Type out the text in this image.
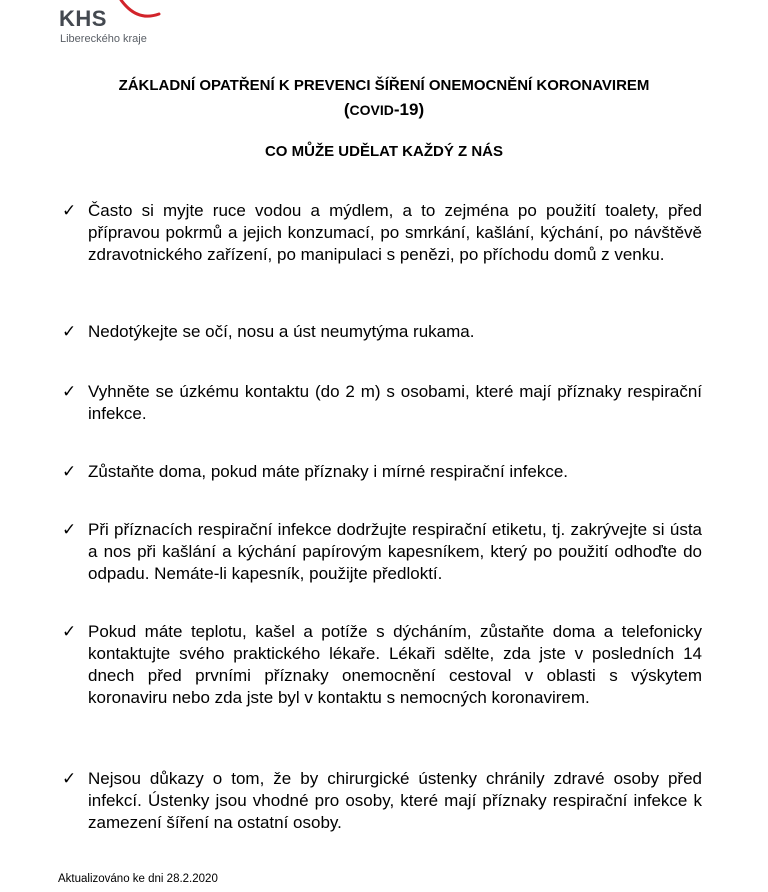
KHS
Libereckého kraje
ZÁKLADNÍ OPATŘENÍ K PREVENCI ŠÍŘENÍ ONEMOCNĚNÍ KORONAVIREM
(COVID-19)
CO MŮŽE UDĚLAT KAŽDÝ Z NÁS
✓ Často si myjte ruce vodou a mýdlem, a to zejména po použití toalety, před přípravou pokrmů a jejich konzumací, po smrkání, kašlání, kýchání, po návštěvě zdravotnického zařízení, po manipulaci s penězi, po příchodu domů z venku.
✓ Nedotýkejte se očí, nosu a úst neumytýma rukama.
✓ Vyhněte se úzkému kontaktu (do 2 m) s osobami, které mají příznaky respirační infekce.
✓ Zůstaňte doma, pokud máte příznaky i mírné respirační infekce.
✓ Při příznacích respirační infekce dodržujte respirační etiketu, tj. zakrývejte si ústa a nos při kašlání a kýchání papírovým kapesníkem, který po použití odhoďte do odpadu. Nemáte-li kapesník, použijte předloktí.
✓ Pokud máte teplotu, kašel a potíže s dýcháním, zůstaňte doma a telefonicky kontaktujte svého praktického lékaře. Lékaři sdělte, zda jste v posledních 14 dnech před prvními příznaky onemocnění cestoval v oblasti s výskytem koronaviru nebo zda jste byl v kontaktu s nemocných koronavirem.
✓ Nejsou důkazy o tom, že by chirurgické ústenky chránily zdravé osoby před infekcí. Ústenky jsou vhodné pro osoby, které mají příznaky respirační infekce k zamezení šíření na ostatní osoby.
Aktualizováno ke dni 28.2.2020
